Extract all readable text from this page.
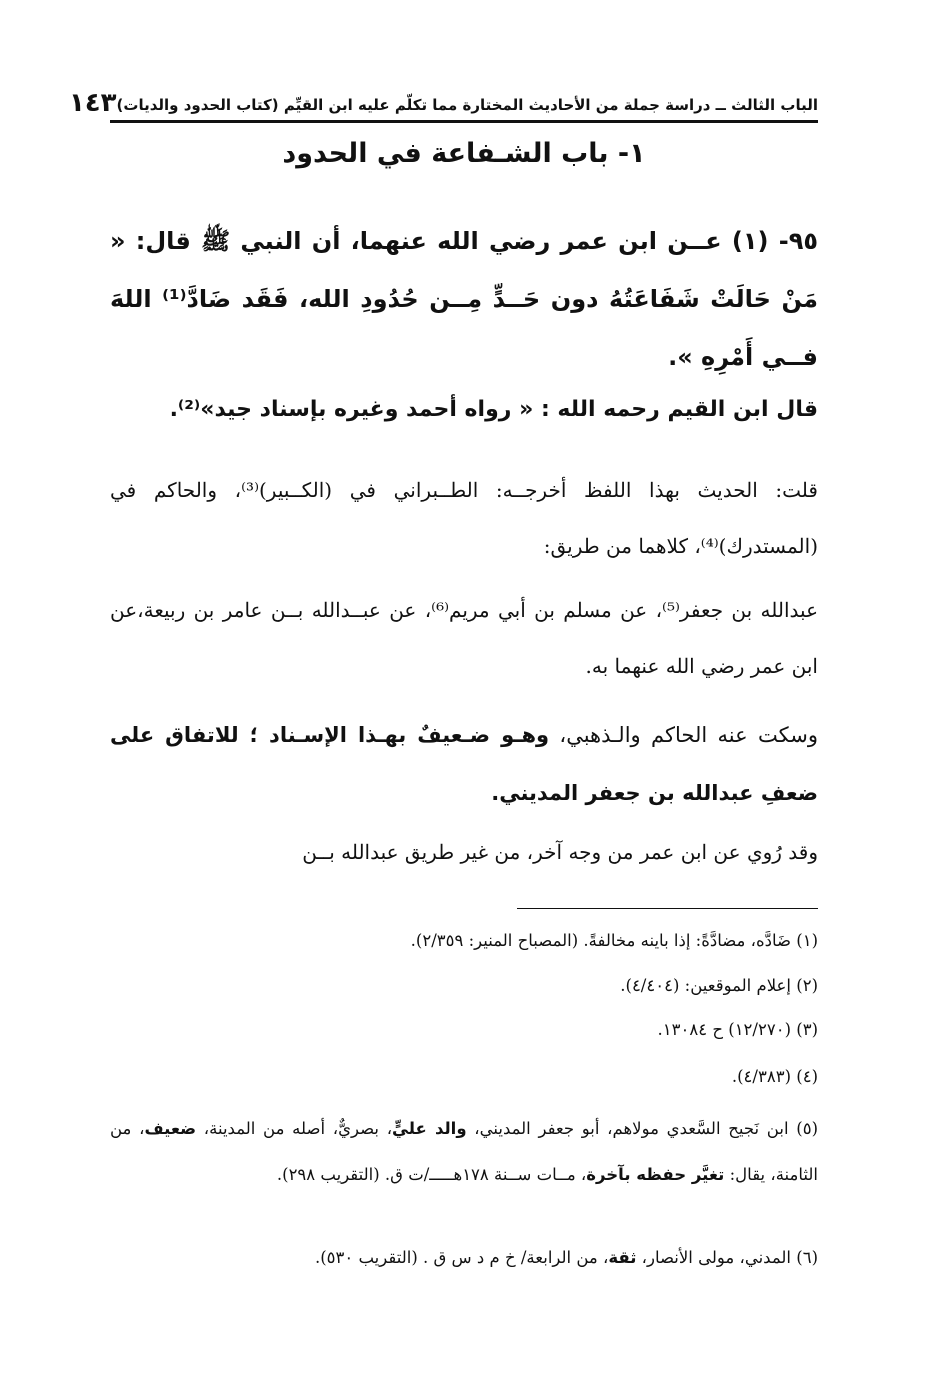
الباب الثالث ــ دراسة جملة من الأحاديث المختارة مما تكلّم عليه ابن القيِّم (كتاب الحدود والديات)
١٤٣
١- باب الشـفاعة في الحدود
٩٥- (١) عــن ابن عمر رضي الله عنهما، أن النبي ﷺ قال: « مَنْ حَالَتْ شَفَاعَتُهُ دون حَــدٍّ مِــن حُدُودِ الله، فَقَد ضَادَّ⁽¹⁾ اللهَ فــي أَمْرِهِ ».
قال ابن القيم رحمه الله : « رواه أحمد وغيره بإسناد جيد»⁽²⁾.
قلت: الحديث بهذا اللفظ أخرجــه: الطــبراني في (الكــبير)⁽³⁾، والحاكم في (المستدرك)⁽⁴⁾، كلاهما من طريق:
عبدالله بن جعفر⁽⁵⁾، عن مسلم بن أبي مريم⁽⁶⁾، عن عبــدالله بــن عامر بن ربيعة،عن ابن عمر رضي الله عنهما به.
وسكت عنه الحاكم والـذهبي، وهـو ضـعيفٌ بهـذا الإسـناد ؛ للاتفاق على ضعفِ عبدالله بن جعفر المديني.
وقد رُوي عن ابن عمر من وجه آخر، من غير طريق عبدالله بــن
(١) ضَادَّه، مضادَّةً: إذا باينه مخالفةً. (المصباح المنير: ٢/٣٥٩).
(٢) إعلام الموقعين: (٤/٤٠٤).
(٣) (١٢/٢٧٠) ح ١٣٠٨٤.
(٤) (٤/٣٨٣).
(٥) ابن نَجيح السَّعدي مولاهم، أبو جعفر المديني، والد عليٍّ، بصريٌّ، أصله من المدينة، ضعيف، من الثامنة، يقال: تغيَّر حفظه بآخرة، مــات ســنة ١٧٨هـــــ/ت ق. (التقريب ٢٩٨).
(٦) المدني، مولى الأنصار، ثقة، من الرابعة/ خ م د س ق . (التقريب ٥٣٠).
